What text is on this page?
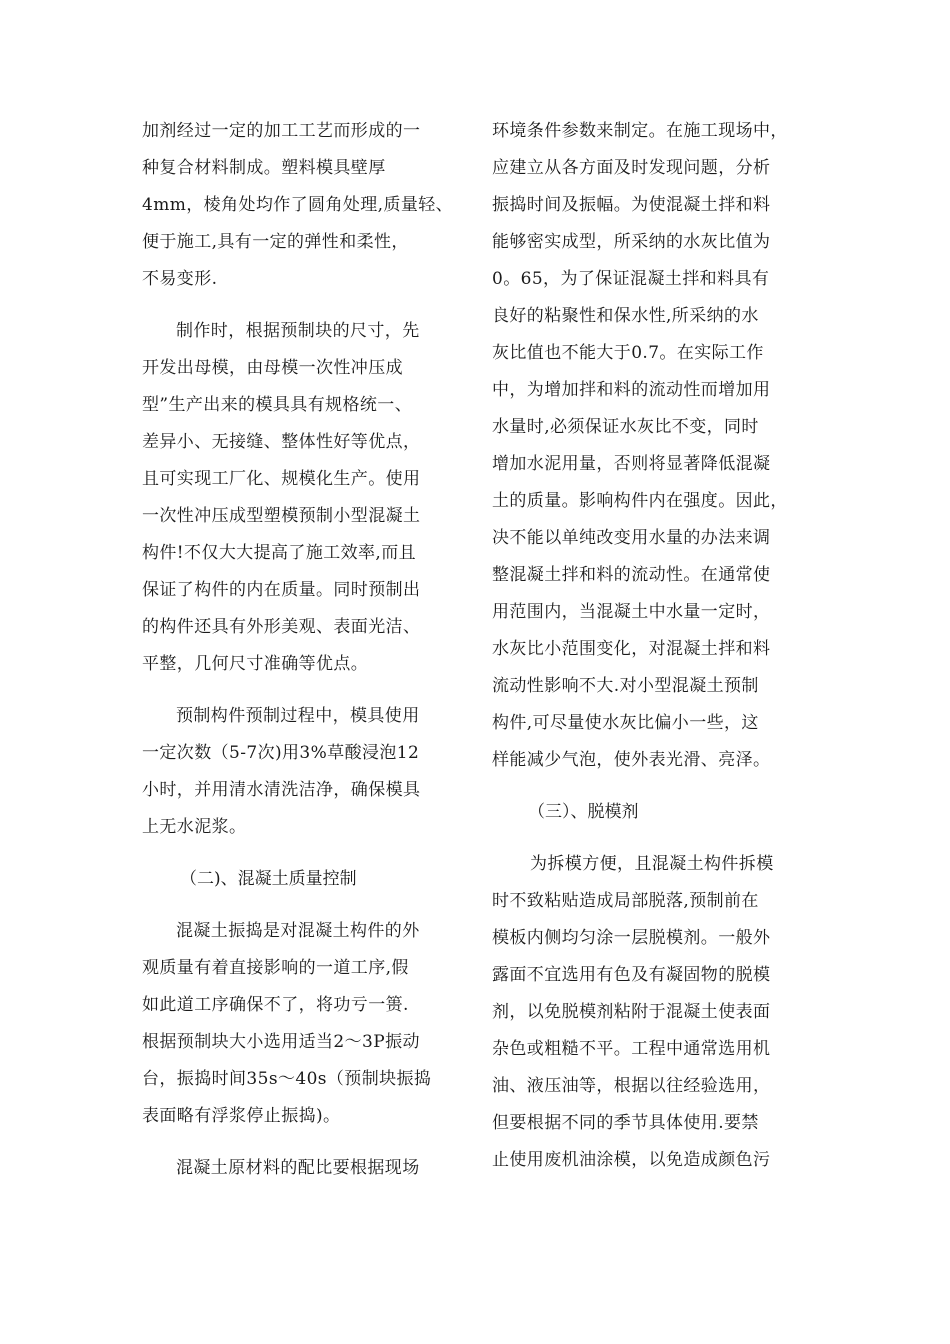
加剂经过一定的加工工艺而形成的一
种复合材料制成。塑料模具壁厚
4mm，棱角处均作了圆角处理,质量轻、
便于施工,具有一定的弹性和柔性，
不易变形.

制作时，根据预制块的尺寸，先
开发出母模，由母模一次性冲压成
型”生产出来的模具具有规格统一、
差异小、无接缝、整体性好等优点，
且可实现工厂化、规模化生产。使用
一次性冲压成型塑模预制小型混凝土
构件!不仅大大提高了施工效率,而且
保证了构件的内在质量。同时预制出
的构件还具有外形美观、表面光洁、
平整，几何尺寸准确等优点。

预制构件预制过程中，模具使用
一定次数（5-7次)用3%草酸浸泡12
小时，并用清水清洗洁净，确保模具
上无水泥浆。

（二)、混凝土质量控制

混凝土振捣是对混凝土构件的外
观质量有着直接影响的一道工序,假
如此道工序确保不了，将功亏一篑.
根据预制块大小选用适当2～3P振动
台，振捣时间35s～40s（预制块振捣
表面略有浮浆停止振捣)。

混凝土原材料的配比要根据现场

环境条件参数来制定。在施工现场中，
应建立从各方面及时发现问题，分析
振捣时间及振幅。为使混凝土拌和料
能够密实成型，所采纳的水灰比值为
0。65，为了保证混凝土拌和料具有
良好的粘聚性和保水性,所采纳的水
灰比值也不能大于0.7。在实际工作
中，为增加拌和料的流动性而增加用
水量时,必须保证水灰比不变，同时
增加水泥用量，否则将显著降低混凝
土的质量。影响构件内在强度。因此，
决不能以单纯改变用水量的办法来调
整混凝土拌和料的流动性。在通常使
用范围内，当混凝土中水量一定时，
水灰比小范围变化，对混凝土拌和料
流动性影响不大.对小型混凝土预制
构件,可尽量使水灰比偏小一些，这
样能减少气泡，使外表光滑、亮泽。

（三）、脱模剂

为拆模方便，且混凝土构件拆模
时不致粘贴造成局部脱落,预制前在
模板内侧均匀涂一层脱模剂。一般外
露面不宜选用有色及有凝固物的脱模
剂，以免脱模剂粘附于混凝土使表面
杂色或粗糙不平。工程中通常选用机
油、液压油等，根据以往经验选用，
但要根据不同的季节具体使用.要禁
止使用废机油涂模，以免造成颜色污
